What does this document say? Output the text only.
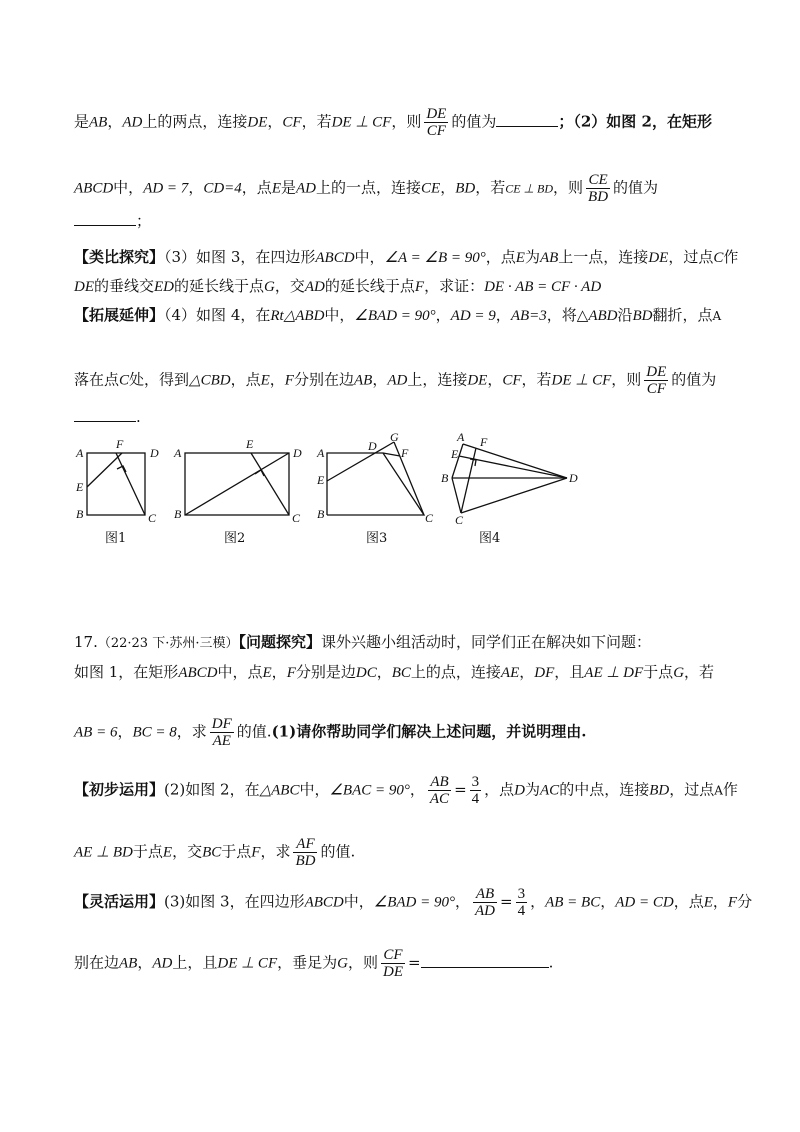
是AB，AD上的两点，连接DE，CF，若DE ⊥ CF，则 $\frac{DE}{CF}$ 的值为	；（2）如图 2，在矩形
ABCD中，AD = 7，CD=4，点E是AD上的一点，连接CE，BD，若CE ⊥ BD，则 $\frac{CE}{BD}$ 的值为
；
【类比探究】（3）如图 3，在四边形ABCD中，∠A = ∠B = 90°，点E为AB上一点，连接DE，过点C作
DE的垂线交ED的延长线于点G，交AD的延长线于点F，求证：DE · AB = CF · AD
【拓展延伸】（4）如图 4，在Rt△ABD中，∠BAD = 90°，AD = 9，AB=3，将△ABD沿BD翻折，点A
落在点C处，得到△CBD，点E，F分别在边AB，AD上，连接DE，CF，若DE ⊥ CF，则 $\frac{DE}{CF}$ 的值为
.
A
F
D
E
B	C
A
E
D
B	C
A	D
G
F
E
B	C
A F
E
B	D
C
图1	图2	图3	图4
17.（22·23 下·苏州·三模）【问题探究】课外兴趣小组活动时，同学们正在解决如下问题：
如图 1，在矩形ABCD中，点E，F分别是边DC，BC上的点，连接AE，DF，且AE ⊥ DF于点G，若
AB = 6，BC = 8，求 $\frac{DF}{AE}$ 的值.(1)请你帮助同学们解决上述问题，并说明理由.
【初步运用】(2)如图 2，在△ABC中，∠BAC = 90°， $\frac{AB}{AC} = \frac{3}{4}$ ，点D为AC的中点，连接BD，过点A作
AE ⊥ BD于点E，交BC于点F，求 $\frac{AF}{BD}$ 的值.
【灵活运用】(3)如图 3，在四边形ABCD中，∠BAD = 90°， $\frac{AB}{AD} = \frac{3}{4}$ ，AB = BC，AD = CD，点E，F分
别在边AB，AD上，且DE ⊥ CF，垂足为G，则 $\frac{CF}{DE}$ =	.
